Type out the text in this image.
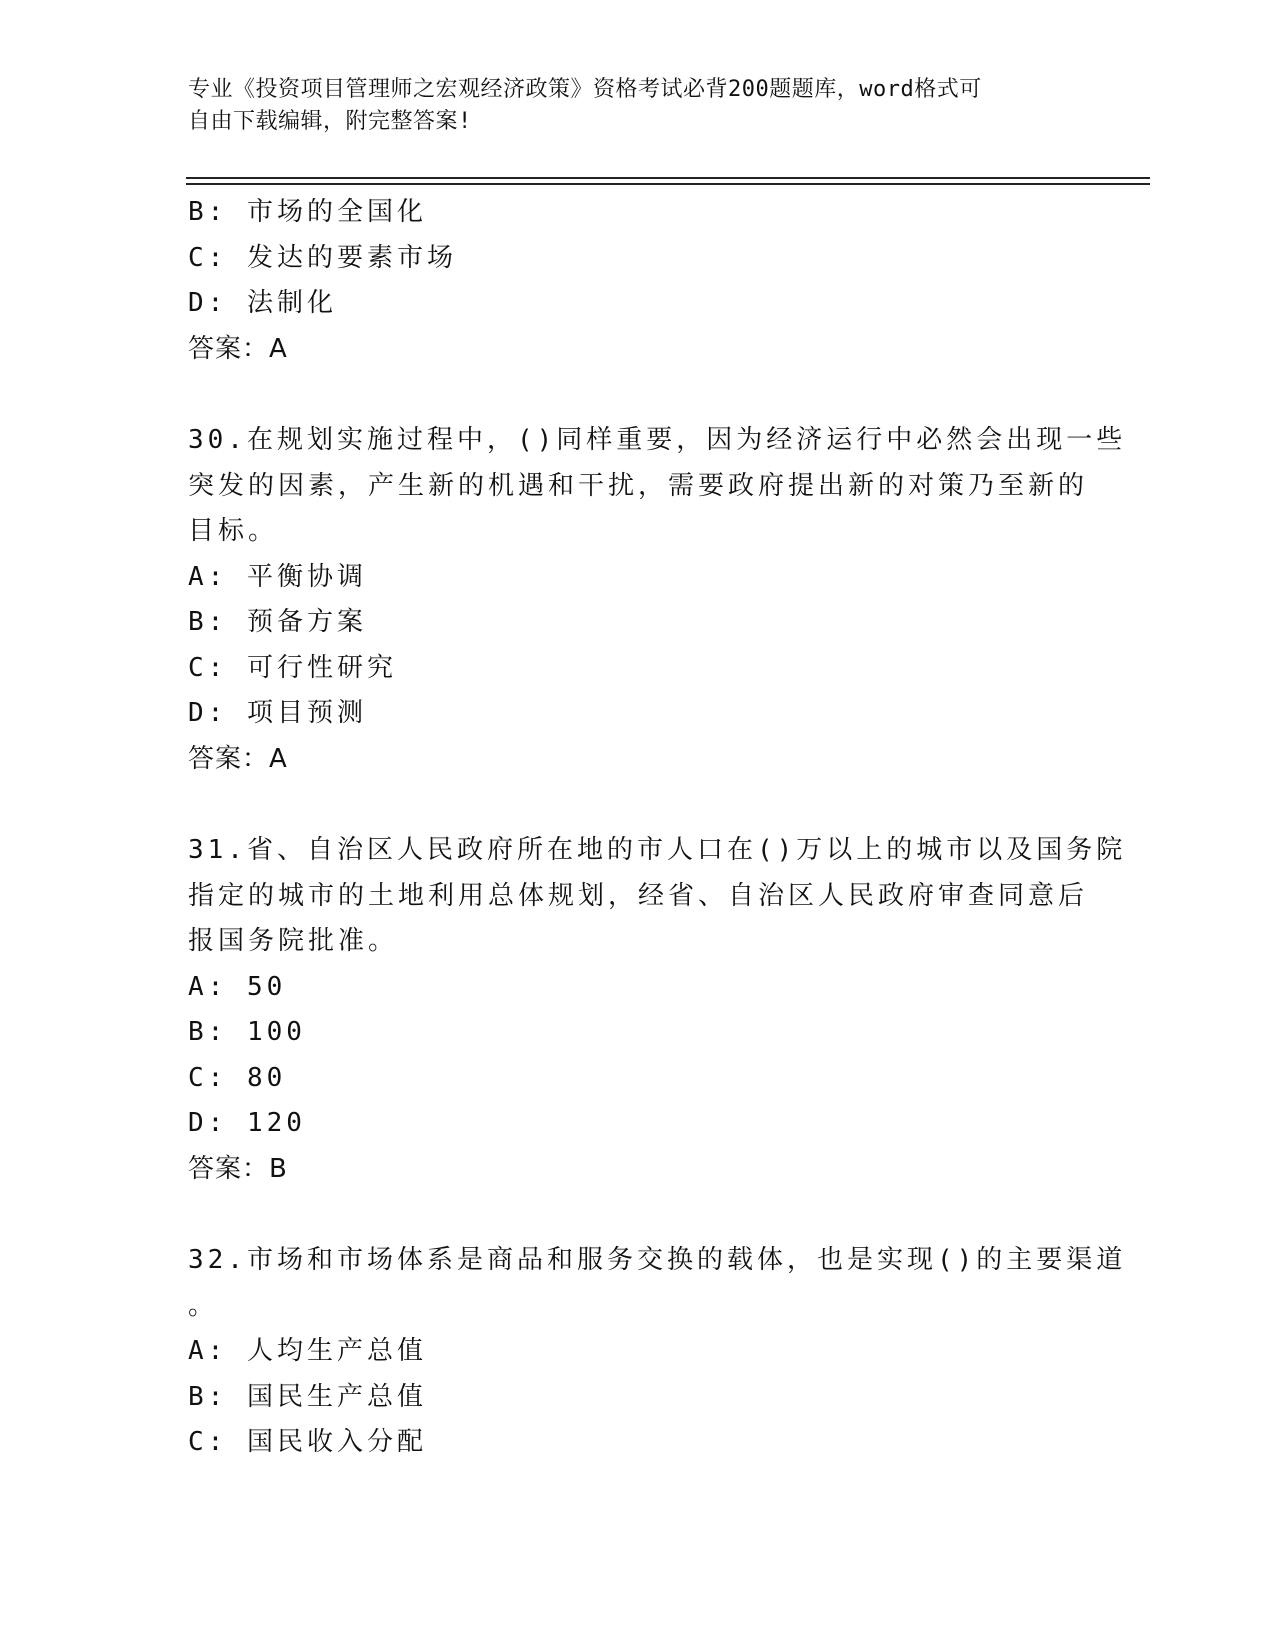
专业《投资项目管理师之宏观经济政策》资格考试必背200题题库，word格式可
自由下载编辑，附完整答案!
B: 市场的全国化
C: 发达的要素市场
D: 法制化
答案：A
30.在规划实施过程中，()同样重要，因为经济运行中必然会出现一些
突发的因素，产生新的机遇和干扰，需要政府提出新的对策乃至新的
目标。
A: 平衡协调
B: 预备方案
C: 可行性研究
D: 项目预测
答案：A
31.省、自治区人民政府所在地的市人口在()万以上的城市以及国务院
指定的城市的土地利用总体规划，经省、自治区人民政府审查同意后
报国务院批准。
A: 50
B: 100
C: 80
D: 120
答案：B
32.市场和市场体系是商品和服务交换的载体，也是实现()的主要渠道
。
A: 人均生产总值
B: 国民生产总值
C: 国民收入分配
